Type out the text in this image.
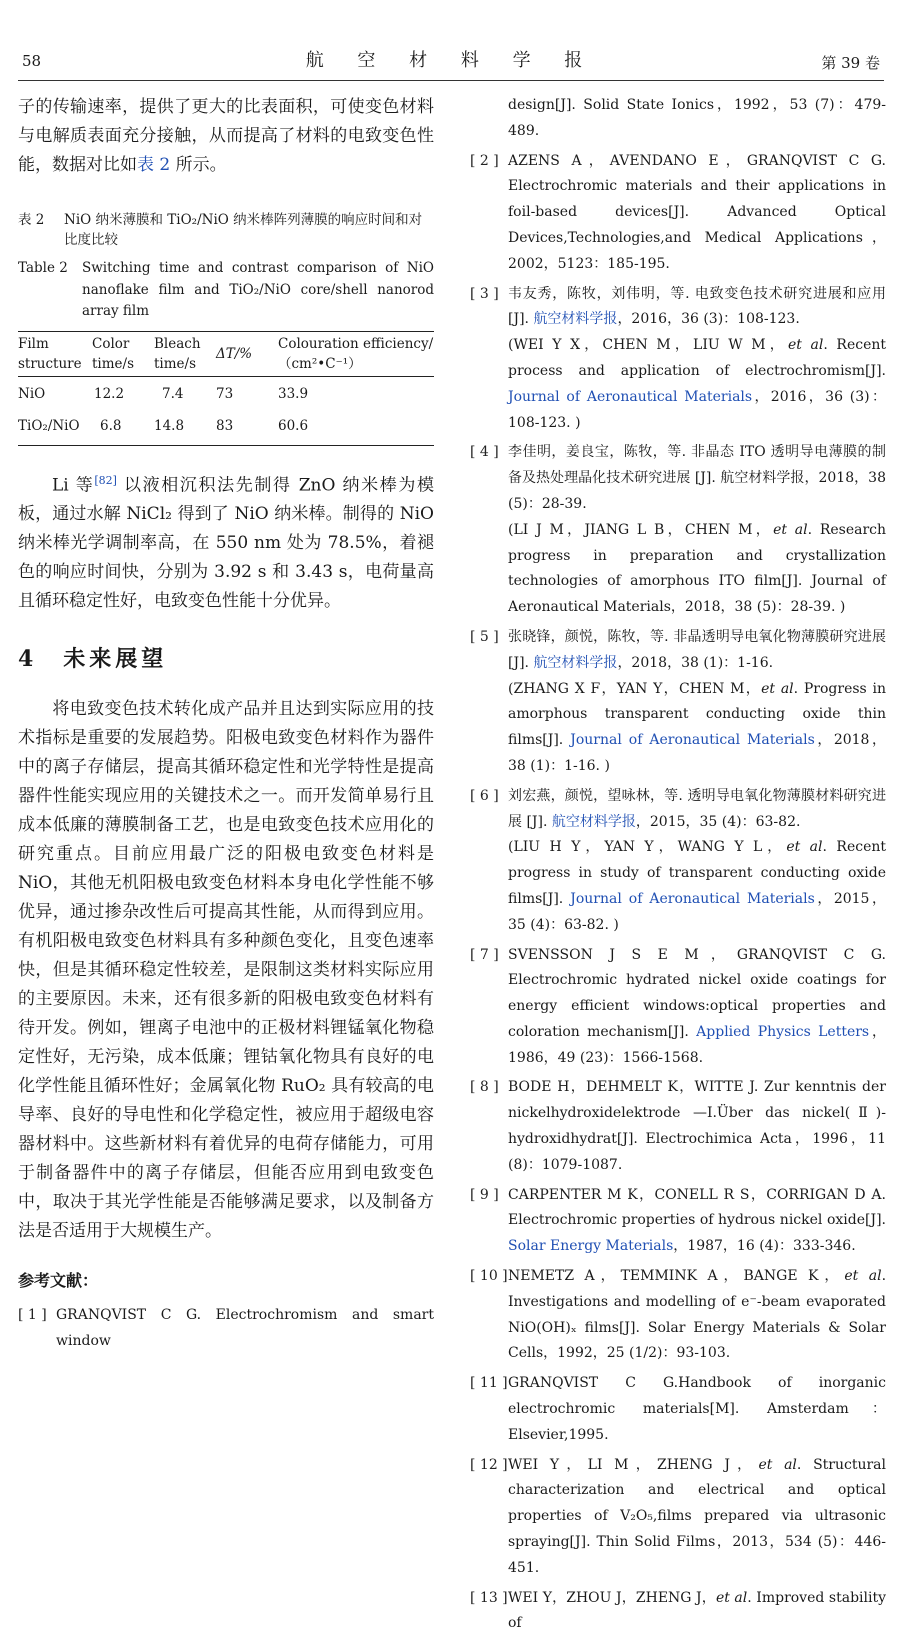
58	航 空 材 料 学 报	第 39 卷

子的传输速率，提供了更大的比表面积，可使变色材料与电解质表面充分接触，从而提高了材料的电致变色性能，数据对比如表 2 所示。

表 2	NiO 纳米薄膜和 TiO₂/NiO 纳米棒阵列薄膜的响应时间和对比度比较
Table 2	Switching time and contrast comparison of NiO nanoflake film and TiO₂/NiO core/shell nanorod array film
Film structure	Color time/s	Bleach time/s	ΔT/%	Colouration efficiency/（cm²•C⁻¹）
NiO	12.2	7.4	73	33.9
TiO₂/NiO	6.8	14.8	83	60.6

Li 等[82] 以液相沉积法先制得 ZnO 纳米棒为模板，通过水解 NiCl₂ 得到了 NiO 纳米棒。制得的 NiO 纳米棒光学调制率高，在 550 nm 处为 78.5%，着褪色的响应时间快，分别为 3.92 s 和 3.43 s，电荷量高且循环稳定性好，电致变色性能十分优异。

4　未来展望

将电致变色技术转化成产品并且达到实际应用的技术指标是重要的发展趋势。阳极电致变色材料作为器件中的离子存储层，提高其循环稳定性和光学特性是提高器件性能实现应用的关键技术之一。而开发简单易行且成本低廉的薄膜制备工艺，也是电致变色技术应用化的研究重点。目前应用最广泛的阳极电致变色材料是 NiO，其他无机阳极电致变色材料本身电化学性能不够优异，通过掺杂改性后可提高其性能，从而得到应用。有机阳极电致变色材料具有多种颜色变化，且变色速率快，但是其循环稳定性较差，是限制这类材料实际应用的主要原因。未来，还有很多新的阳极电致变色材料有待开发。例如，锂离子电池中的正极材料锂锰氧化物稳定性好，无污染，成本低廉；锂钴氧化物具有良好的电化学性能且循环性好；金属氧化物 RuO₂ 具有较高的电导率、良好的导电性和化学稳定性，被应用于超级电容器材料中。这些新材料有着优异的电荷存储能力，可用于制备器件中的离子存储层，但能否应用到电致变色中，取决于其光学性能是否能够满足要求，以及制备方法是否适用于大规模生产。

参考文献：
[ 1 ] GRANQVIST C G. Electrochromism and smart window
design[J]. Solid State Ionics，1992，53 (7)：479-489.
[ 2 ] AZENS A，AVENDANO E，GRANQVIST C G. Electrochromic materials and their applications in foil-based devices[J]. Advanced Optical Devices,Technologies,and Medical Applications，2002，5123：185-195.
[ 3 ] 韦友秀，陈牧，刘伟明，等. 电致变色技术研究进展和应用 [J]. 航空材料学报，2016，36 (3)：108-123.
(WEI Y X，CHEN M，LIU W M，et al. Recent process and application of electrochromism[J]. Journal of Aeronautical Materials，2016，36 (3)：108-123. )
[ 4 ] 李佳明，姜良宝，陈牧，等. 非晶态 ITO 透明导电薄膜的制备及热处理晶化技术研究进展 [J]. 航空材料学报，2018，38 (5)：28-39.
(LI J M，JIANG L B，CHEN M，et al. Research progress in preparation and crystallization technologies of amorphous ITO film[J]. Journal of Aeronautical Materials，2018，38 (5)：28-39. )
[ 5 ] 张晓锋，颜悦，陈牧，等. 非晶透明导电氧化物薄膜研究进展 [J]. 航空材料学报，2018，38 (1)：1-16.
(ZHANG X F，YAN Y，CHEN M，et al. Progress in amorphous transparent conducting oxide thin films[J]. Journal of Aeronautical Materials，2018，38 (1)：1-16. )
[ 6 ] 刘宏燕，颜悦，望咏林，等. 透明导电氧化物薄膜材料研究进展 [J]. 航空材料学报，2015，35 (4)：63-82.
(LIU H Y，YAN Y，WANG Y L，et al. Recent progress in study of transparent conducting oxide films[J]. Journal of Aeronautical Materials，2015，35 (4)：63-82. )
[ 7 ] SVENSSON J S E M，GRANQVIST C G. Electrochromic hydrated nickel oxide coatings for energy efficient windows:optical properties and coloration mechanism[J]. Applied Physics Letters，1986，49 (23)：1566-1568.
[ 8 ] BODE H，DEHMELT K，WITTE J. Zur kenntnis der nickelhydroxidelektrode —I.Über das nickel(Ⅱ)-hydroxidhydrat[J]. Electrochimica Acta，1996，11 (8)：1079-1087.
[ 9 ] CARPENTER M K，CONELL R S，CORRIGAN D A. Electrochromic properties of hydrous nickel oxide[J]. Solar Energy Materials，1987，16 (4)：333-346.
[ 10 ] NEMETZ A，TEMMINK A，BANGE K，et al. Investigations and modelling of e⁻-beam evaporated NiO(OH)ₓ films[J]. Solar Energy Materials & Solar Cells，1992，25 (1/2)：93-103.
[ 11 ] GRANQVIST C G.Handbook of inorganic electrochromic materials[M]. Amsterdam：Elsevier,1995.
[ 12 ] WEI Y，LI M，ZHENG J，et al. Structural characterization and electrical and optical properties of V₂O₅,films prepared via ultrasonic spraying[J]. Thin Solid Films，2013，534 (5)：446-451.
[ 13 ] WEI Y，ZHOU J，ZHENG J，et al. Improved stability of
